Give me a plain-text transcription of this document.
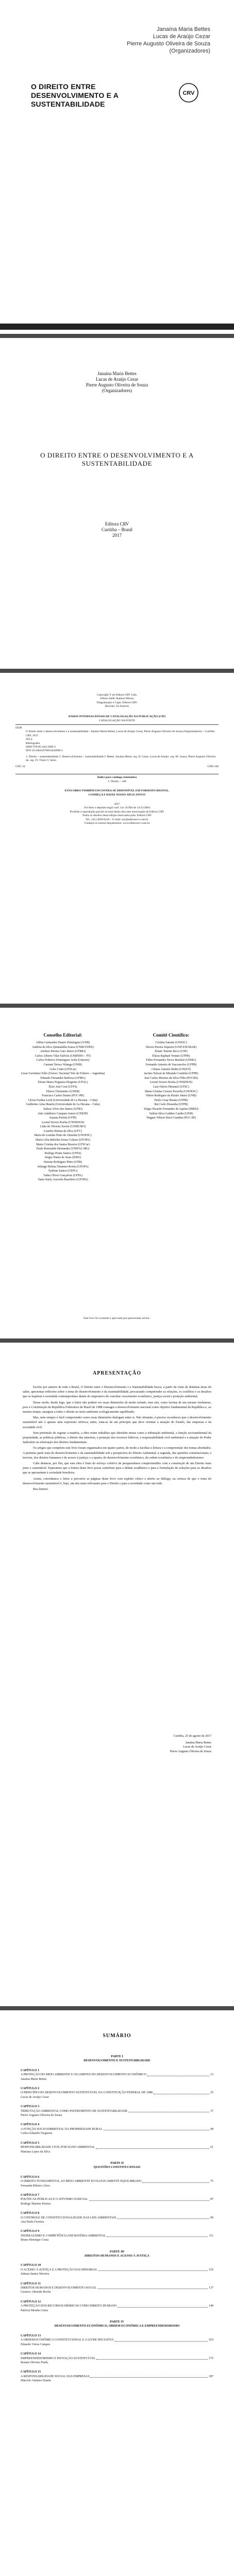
Janaína Maria Bettes
Lucas de Araújo Cezar
Pierre Augusto Oliveira de Souza
(Organizadores)
O DIREITO ENTRE DESENVOLVIMENTO E A SUSTENTABILIDADE
CRV
Janaína Maria Bettes
Lucas de Araújo Cezar
Pierre Augusto Oliveira de Souza
(Organizadores)
O DIREITO ENTRE O DESENVOLVIMENTO E A SUSTENTABILIDADE
Editora CRV
Curitiba – Brasil
2017
Copyright © da Editora CRV Ltda.
Editor-chefe: Railson Moura
Diagramação e Capa: Editora CRV
Revisão: Os Autores
DADOS INTERNACIONAIS DE CATALOGAÇÃO NA PUBLICAÇÃO (CIP)
CATALOGAÇÃO NA FONTE
D598
O direito entre o desenvolvimento e a sustentabilidade / Janaína Maria Bettes, Lucas de Araújo Cezar, Pierre Augusto Oliveira de Souza (Organizadores) – Curitiba: CRV, 2017.
202 p.
Bibliografia
ISBN 978-85-444-2006-3
DOI 10.24824/978854442006.3
1. Direito – sustentabilidade 2. Desenvolvimento – sustentabilidade I. Bettes, Janaína Maria. org. II. Cezar, Lucas de Araújo. org. III. Souza, Pierre Augusto Oliveira de. org. IV. Título V. Série.
CDU 34	CDD 340
Índice para catálogo sistemático
1. Direito – 340
ESTA OBRA TAMBÉM ENCONTRA-SE DISPONÍVEL EM FORMATO DIGITAL.
CONHEÇA E BAIXE NOSSO APLICATIVO!
2017
Foi feito o depósito legal conf. Lei 10.994 de 14/12/2004
Proibida a reprodução parcial ou total desta obra sem autorização da Editora CRV
Todos os direitos desta edição reservados pela: Editora CRV
Tel.: (41) 3039-6418 – E-mail: sac@editoracrv.com.br
Conheça os nossos lançamentos: www.editoracrv.com.br
Conselho Editorial:
Aldira Guimarães Duarte Domínguez (UNB)
Andréia da Silva Quintanilha Sousa (UNIR/UFRN)
Antônio Pereira Gaio Júnior (UFRRJ)
Carlos Alberto Vilar Estêvão (UMINHO – PT)
Carlos Federico Dominguez Avila (Unieuro)
Carmen Tereza Velanga (UNIR)
Celso Conti (UFSCar)
Cesar Gerónimo Tello (Univer. Nacional Três de Febrero – Argentina)
Eduardo Fernandes Barbosa (UFMG)
Elione Maria Nogueira Diogenes (UFAL)
Élsio José Corá (UFFS)
Elizeu Clementino (UNEB)
Francisco Carlos Duarte (PUC-PR)
Gloria Fariñas León (Universidade de La Havana – Cuba)
Guillermo Arias Beatón (Universidade de La Havana – Cuba)
Jailson Alves dos Santos (UFRJ)
João Adalberto Campato Junior (UNESP)
Josania Portela (UFPI)
Leonel Severo Rocha (UNISINOS)
Lídia de Oliveira Xavier (UNIEURO)
Lourdes Helena da Silva (UFV)
Maria de Lourdes Pinto de Almeida (UNOESC)
Maria Lília Imbiriba Sousa Colares (UFOPA)
Maria Cristina dos Santos Bezerra (UFSCar)
Paulo Romualdo Hernandes (UNIFAL-MG)
Rodrigo Pratte-Santos (UFES)
Sérgio Nunes de Jesus (IFRO)
Simone Rodrigues Pinto (UNB)
Solange Helena Ximenes-Rocha (UFOPA)
Sydione Santos (UEPG)
Tadeu Oliver Gonçalves (UFPA)
Tania Suely Azevedo Brasileiro (UFOPA)
Comitê Científico:
Cristina Zanette (UNESC)
Dirceu Pereira Siqueira (UNICESUMAR)
Eliane Tonetto Ricci (USP)
Eliseu Raphael Venturi (UFPR)
Fábio Fernandes Neves Benfatti (UEMG)
Fernando Antonio de Vasconcelos (UFPB)
Gilmar Antonio Bedin (UNIJUÍ)
Jacinto Nelson de Miranda Coutinho (UFPR)
José Carlos Moreira da Silva Filho (PUCRS)
Leonel Severo Rocha (UNISINOS)
Luiz Otávio Pimentel (UFSC)
Maria Cristina Cereser Pezzella (UNOESC)
Nilton Rodrigues da Paixão Júnior (UNB)
Paulo Cesar Busato (UFPR)
Rui Carlo Dissenha (UFPR)
Sérgio Ricardo Fernandes de Aquino (IMED)
Valéria Silva Galdino Cardin (UEM)
Wagner Wilson Deiró Gundim (PUC-SP)
Este livro foi avaliado e aprovado por pareceristas ad hoc.
APRESENTAÇÃO

Escrito por autores de todo o Brasil, O Direito entre o Desenvolvimento e a Sustentabilidade busca, a partir da visão de distintas áreas do saber, apresentar reflexões sobre o tema do desenvolvimento e da sustentabilidade, procurando compreender as relações, os conflitos e os desafios que se impõem à sociedade contemporânea diante do imperativo de conciliar crescimento econômico, justiça social e proteção ambiental.

Desse modo, desde logo, que o leitor não poderá ver essas dimensões de modo isolado, mas sim, como facetas de um mesmo fenômeno, pois a Constituição da República Federativa do Brasil de 1988 consagra o desenvolvimento nacional como objetivo fundamental da República e, ao mesmo tempo, assegura a todos o direito ao meio ambiente ecologicamente equilibrado.

Mas, nem sempre é fácil compreender como essas dimensões dialogam entre si. Não obstante, é preciso reconhecer que o desenvolvimento sustentável não é apenas uma expressão retórica; antes, trata-se de um princípio que deve orientar a atuação do Estado, das empresas e da sociedade civil.

Sem pretensão de esgotar a matéria, a obra reúne trabalhos que abordam temas como a tributação ambiental, a função socioambiental da propriedade, as políticas públicas, o direito das minorias, a proteção dos recursos hídricos, a responsabilidade civil ambiental e a atuação do Poder Judiciário na efetivação dos direitos fundamentais.

Os artigos que compõem este livro foram organizados em quatro partes, de modo a facilitar a leitura e a compreensão dos temas abordados. A primeira parte trata do desenvolvimento e da sustentabilidade sob a perspectiva do Direito Ambiental; a segunda, das questões constitucionais; a terceira, dos direitos humanos e do acesso à justiça; e a quarta, do desenvolvimento econômico, da ordem econômica e do empreendedorismo.

Cabe destacar, por fim, que esta obra é fruto do esforço coletivo de pesquisadores comprometidos com a construção de um Direito mais justo e sustentável. Esperamos que a leitura deste livro possa contribuir para o debate acadêmico e para a formulação de soluções para os desafios que se apresentam à sociedade brasileira.

Assim, convidamos o leitor a percorrer as páginas deste livro com espírito crítico e aberto ao diálogo, na certeza de que o tema do desenvolvimento sustentável é, hoje, um dos mais relevantes para o Direito e para a sociedade como um todo.

Boa leitura!

Curitiba, 25 de agosto de 2017
Janaína Maria Bettes
Lucas de Araújo Cezar
Pierre Augusto Oliveira de Souza
SUMÁRIO
PARTE I
DESENVOLVIMENTO E SUSTENTABILIDADE
CAPÍTULO 1
A PROTEÇÃO DO MEIO AMBIENTE E OS LIMITES DO DESENVOLVIMENTO ECONÔMICO	13
Janaína Maria Bettes
CAPÍTULO 2
O PRINCÍPIO DO DESENVOLVIMENTO SUSTENTÁVEL NA CONSTITUIÇÃO FEDERAL DE 1988	25
Lucas de Araújo Cezar
CAPÍTULO 3
TRIBUTAÇÃO AMBIENTAL COMO INSTRUMENTO DE SUSTENTABILIDADE	37
Pierre Augusto Oliveira de Souza
CAPÍTULO 4
A FUNÇÃO SOCIOAMBIENTAL DA PROPRIEDADE RURAL	49
Carlos Eduardo Nogueira
CAPÍTULO 5
RESPONSABILIDADE CIVIL POR DANO AMBIENTAL	61
Mariana Lopes da Silva
PARTE II
QUESTÕES CONSTITUCIONAIS
CAPÍTULO 6
O DIREITO FUNDAMENTAL AO MEIO AMBIENTE ECOLOGICAMENTE EQUILIBRADO	75
Fernanda Ribeiro Alves
CAPÍTULO 7
POLÍTICAS PÚBLICAS E O ATIVISMO JUDICIAL	87
Rodrigo Martins Pereira
CAPÍTULO 8
O CONTROLE DE CONSTITUCIONALIDADE DAS LEIS AMBIENTAIS	99
Ana Paula Ferreira
CAPÍTULO 9
FEDERALISMO E COMPETÊNCIA EM MATÉRIA AMBIENTAL	111
Bruno Henrique Costa
PARTE III
DIREITOS HUMANOS E ACESSO À JUSTIÇA
CAPÍTULO 10
O ACESSO À JUSTIÇA E A PROTEÇÃO DAS MINORIAS	125
Juliana Santos Moreira
CAPÍTULO 11
DIREITOS HUMANOS E DESENVOLVIMENTO SOCIAL	137
Gustavo Almeida Rocha
CAPÍTULO 12
A PROTEÇÃO DOS RECURSOS HÍDRICOS COMO DIREITO HUMANO	149
Patrícia Mendes Lima
PARTE IV
DESENVOLVIMENTO ECONÔMICO, ORDEM ECONÔMICA E EMPREENDEDORISMO
CAPÍTULO 13
A ORDEM ECONÔMICA CONSTITUCIONAL E A LIVRE INICIATIVA	163
Eduardo Vieira Campos
CAPÍTULO 14
EMPREENDEDORISMO E INOVAÇÃO SUSTENTÁVEL	175
Renata Oliveira Prado
CAPÍTULO 15
A RESPONSABILIDADE SOCIAL DAS EMPRESAS	187
Marcelo Antunes Duarte
